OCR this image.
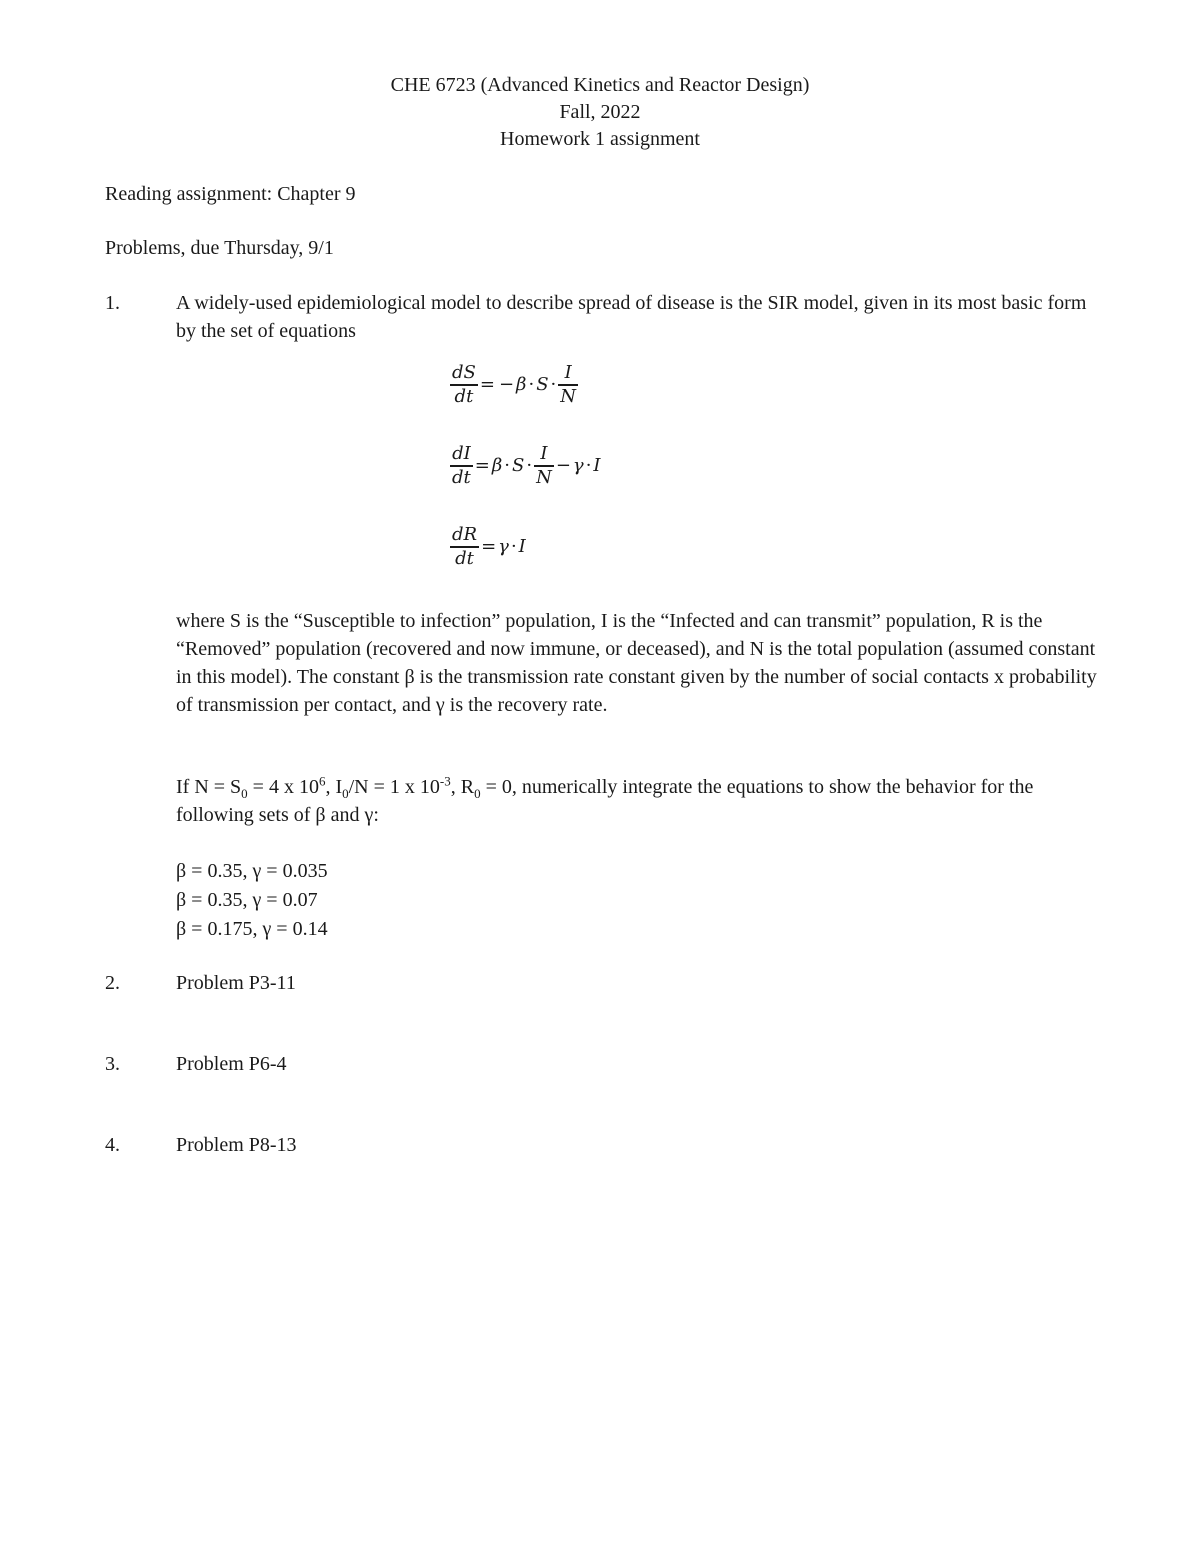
CHE 6723 (Advanced Kinetics and Reactor Design)
Fall, 2022
Homework 1 assignment
Reading assignment: Chapter 9
Problems, due Thursday, 9/1
1.	A widely-used epidemiological model to describe spread of disease is the SIR model, given in its most basic form by the set of equations
$\frac{dS}{dt}$ = − $\beta \cdot S \cdot \frac{I}{N}$
$\frac{dI}{dt} = \beta \cdot S \cdot \frac{I}{N} - \gamma \cdot I$
$\frac{dR}{dt} = \gamma \cdot I$
where S is the “Susceptible to infection” population, I is the “Infected and can transmit” population, R is the “Removed” population (recovered and now immune, or deceased), and N is the total population (assumed constant in this model). The constant β is the transmission rate constant given by the number of social contacts x probability of transmission per contact, and γ is the recovery rate.
If $N = S_0 = 4$ x $10^6$, $I_0/N = 1$ x $10^{-3}$, $R_0 = 0$, numerically integrate the equations to show the behavior for the following sets of β and γ:
β = 0.35, γ = 0.035
β = 0.35, γ = 0.07
β = 0.175, γ = 0.14
2.	Problem P3-11
3.	Problem P6-4
4.	Problem P8-13
